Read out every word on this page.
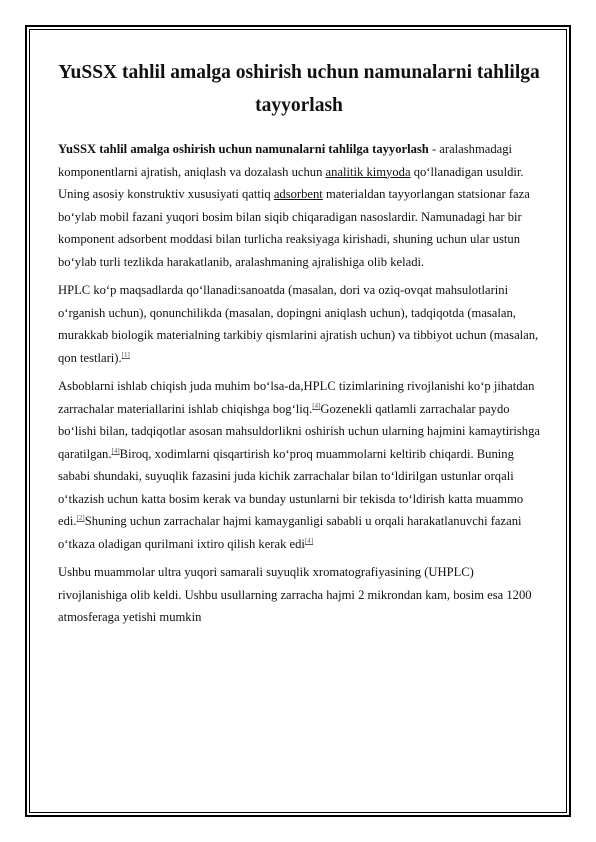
YuSSX tahlil amalga oshirish uchun namunalarni tahlilga tayyorlash

YuSSX tahlil amalga oshirish uchun namunalarni tahlilga tayyorlash - aralashmadagi komponentlarni ajratish, aniqlash va dozalash uchun analitik kimyoda qo‘llanadigan usuldir. Uning asosiy konstruktiv xususiyati qattiq adsorbent materialdan tayyorlangan statsionar faza bo‘ylab mobil fazani yuqori bosim bilan siqib chiqaradigan nasoslardir. Namunadagi har bir komponent adsorbent moddasi bilan turlicha reaksiyaga kirishadi, shuning uchun ular ustun bo‘ylab turli tezlikda harakatlanib, aralashmaning ajralishiga olib keladi.

HPLC ko‘p maqsadlarda qo‘llanadi:sanoatda (masalan, dori va oziq-ovqat mahsulotlarini o‘rganish uchun), qonunchilikda (masalan, dopingni aniqlash uchun), tadqiqotda (masalan, murakkab biologik materialning tarkibiy qismlarini ajratish uchun) va tibbiyot uchun (masalan, qon testlari).[1]

Asboblarni ishlab chiqish juda muhim bo‘lsa-da,HPLC tizimlarining rivojlanishi ko‘p jihatdan zarrachalar materiallarini ishlab chiqishga bog‘liq.[4]Gozenekli qatlamli zarrachalar paydo bo‘lishi bilan, tadqiqotlar asosan mahsuldorlikni oshirish uchun ularning hajmini kamaytirishga qaratilgan.[4]Biroq, xodimlarni qisqartirish ko‘proq muammolarni keltirib chiqardi. Buning sababi shundaki, suyuqlik fazasini juda kichik zarrachalar bilan to‘ldirilgan ustunlar orqali o‘tkazish uchun katta bosim kerak va bunday ustunlarni bir tekisda to‘ldirish katta muammo edi.[2]Shuning uchun zarrachalar hajmi kamayganligi sababli u orqali harakatlanuvchi fazani o‘tkaza oladigan qurilmani ixtiro qilish kerak edi[4]

Ushbu muammolar ultra yuqori samarali suyuqlik xromatografiyasining (UHPLC) rivojlanishiga olib keldi. Ushbu usullarning zarracha hajmi 2 mikrondan kam, bosim esa 1200 atmosferaga yetishi mumkin
